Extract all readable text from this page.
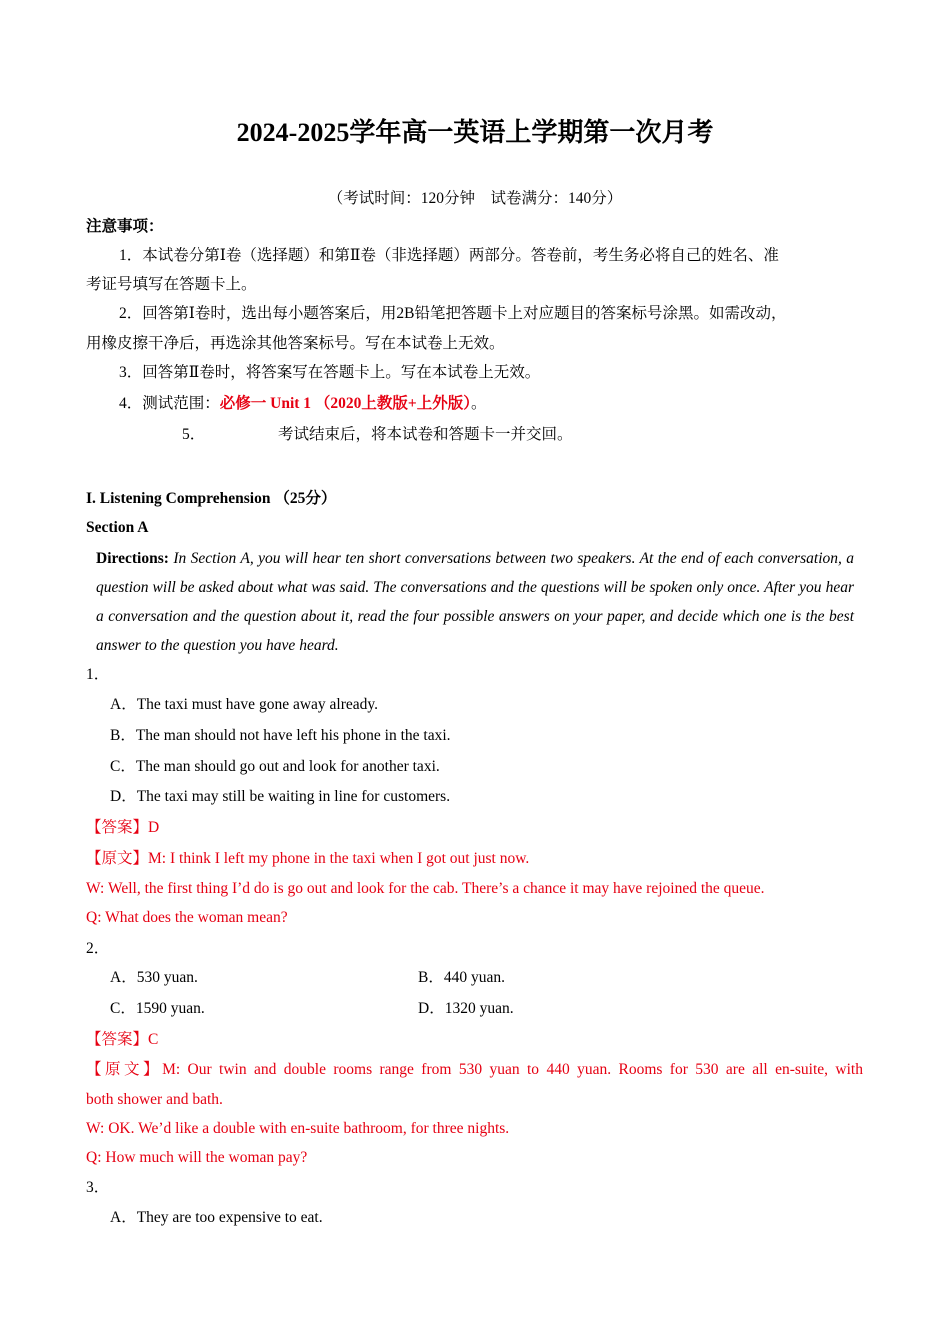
2024-2025学年高一英语上学期第一次月考
（考试时间：120分钟　试卷满分：140分）
注意事项：
1．本试卷分第Ⅰ卷（选择题）和第Ⅱ卷（非选择题）两部分。答卷前，考生务必将自己的姓名、准
考证号填写在答题卡上。
2．回答第Ⅰ卷时，选出每小题答案后，用2B铅笔把答题卡上对应题目的答案标号涂黑。如需改动，
用橡皮擦干净后，再选涂其他答案标号。写在本试卷上无效。
3．回答第Ⅱ卷时，将答案写在答题卡上。写在本试卷上无效。
4．测试范围：必修一 Unit 1 （2020上教版+上外版）。
5．	考试结束后，将本试卷和答题卡一并交回。
I. Listening Comprehension （25分）
Section A
Directions: In Section A, you will hear ten short conversations between two speakers. At the end of each conversation, a question will be asked about what was said. The conversations and the questions will be spoken only once. After you hear a conversation and the question about it, read the four possible answers on your paper, and decide which one is the best answer to the question you have heard.
1．
A．The taxi must have gone away already.
B．The man should not have left his phone in the taxi.
C．The man should go out and look for another taxi.
D．The taxi may still be waiting in line for customers.
【答案】D
【原文】M: I think I left my phone in the taxi when I got out just now.
W: Well, the first thing I’d do is go out and look for the cab. There’s a chance it may have rejoined the queue.
Q: What does the woman mean?
2．
A．530 yuan.	B．440 yuan.
C．1590 yuan.	D．1320 yuan.
【答案】C
【原文】M: Our twin and double rooms range from 530 yuan to 440 yuan. Rooms for 530 are all en-suite, with
both shower and bath.
W: OK. We’d like a double with en-suite bathroom, for three nights.
Q: How much will the woman pay?
3．
A．They are too expensive to eat.
